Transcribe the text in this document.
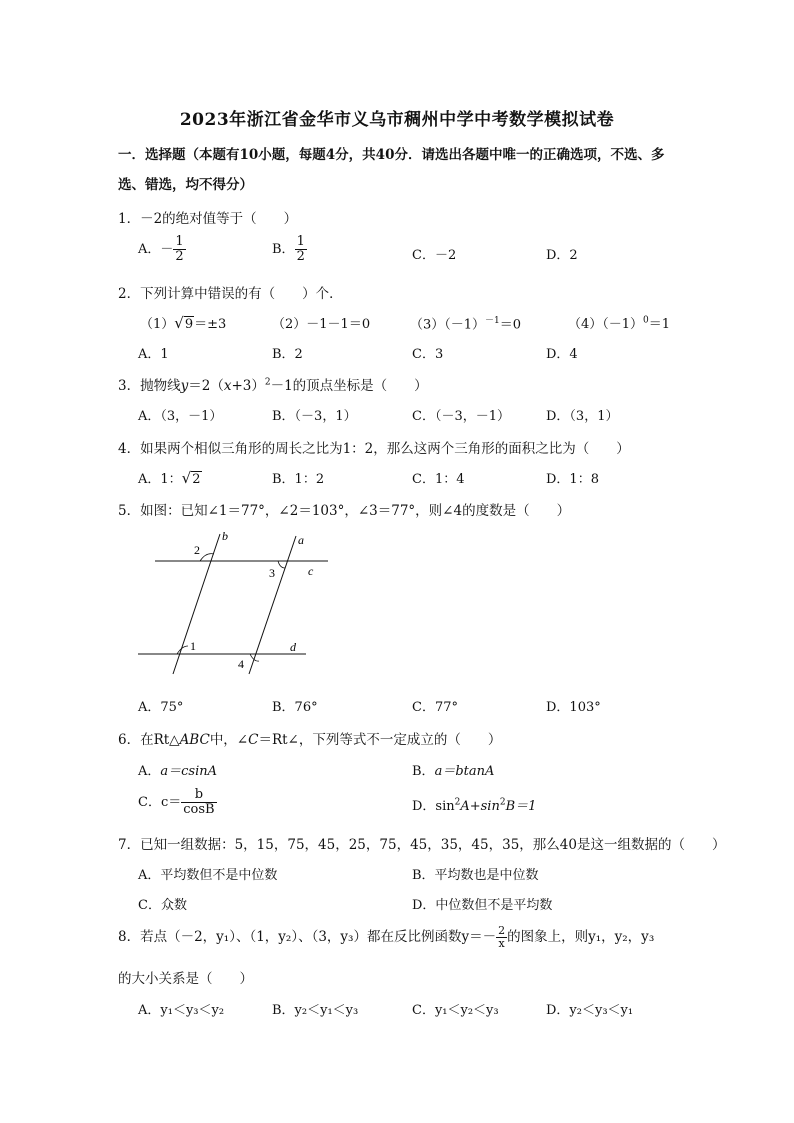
2023年浙江省金华市义乌市稠州中学中考数学模拟试卷
一．选择题（本题有10小题，每题4分，共40分．请选出各题中唯一的正确选项，不选、多选、错选，均不得分）
1．－2的绝对值等于（　　）
A．－ $\frac{1}{2}$	B． $\frac{1}{2}$	C．－2	D．2
2．下列计算中错误的有（　　）个．
（1）√9＝±3	（2）－1－1＝0	$(3)(-1)^{-1}=0$	$(4)(-1)^0=1$
A．1	B．2	C．3	D．4
3．抛物线$y=2(x+3)^2-1$的顶点坐标是（　　）
A．（3，－1）	B．（－3，1）	C．（－3，－1）	D．（3，1）
4．如果两个相似三角形的周长之比为1：2，那么这两个三角形的面积之比为（　　）
A．1：√2	B．1：2	C．1：4	D．1：8
5．如图：已知∠1＝77°，∠2＝103°，∠3＝77°，则∠4的度数是（　　）
b	a
c
d
2
3
1
4
A．75°	B．76°	C．77°	D．103°
6．在Rt△ABC中，∠C＝Rt∠，下列等式不一定成立的（　　）
A．a＝csinA	B．a＝btanA
C．$c= \frac{b}{\cos B}$	D．$\sin^2A+\sin^2B=1$
7．已知一组数据：5，15，75，45，25，75，45，35，45，35，那么40是这一组数据的（　　）
A．平均数但不是中位数	B．平均数也是中位数
C．众数	D．中位数但不是平均数
8．若点（－2，y₁）、（1，y₂）、（3，y₃）都在反比例函数$y=- \frac{2}{x}$ 的图象上，则y₁，y₂，y₃
的大小关系是（　　）
A．y₁＜y₃＜y₂	B．y₂＜y₁＜y₃	C．y₁＜y₂＜y₃	D．y₂＜y₃＜y₁
